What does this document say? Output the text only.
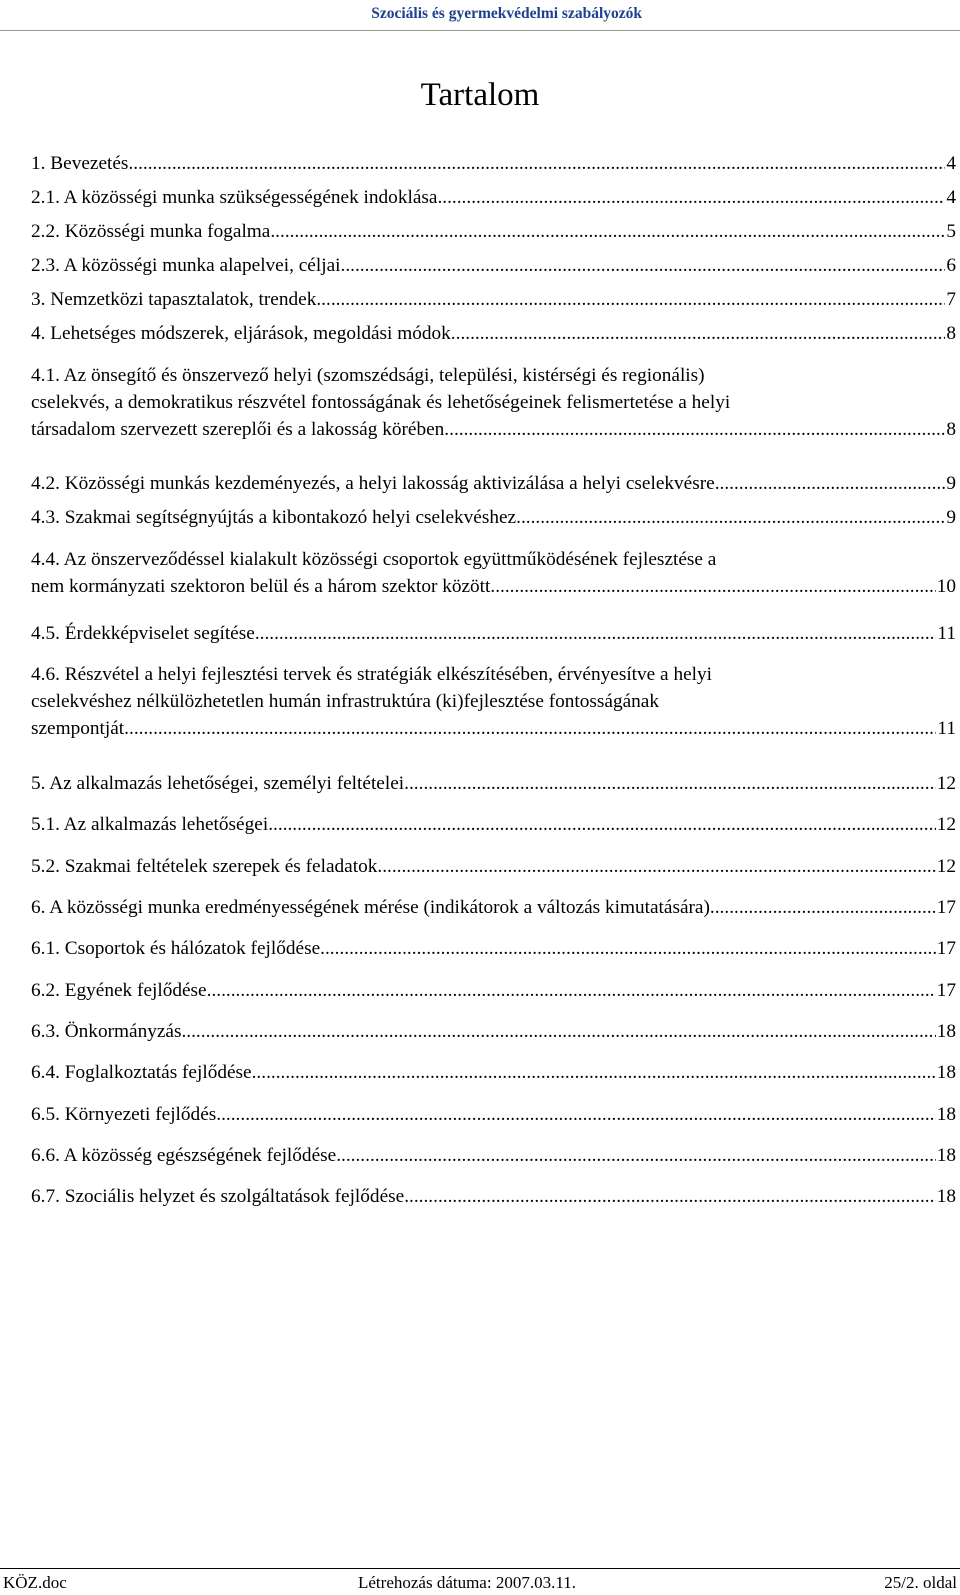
Szociális és gyermekvédelmi szabályozók
Tartalom
1. Bevezetés .....	4
2.1. A közösségi munka szükségességének indoklása .....	4
2.2. Közösségi munka fogalma .....	5
2.3. A közösségi munka alapelvei, céljai .....	6
3. Nemzetközi tapasztalatok, trendek .....	7
4. Lehetséges módszerek, eljárások, megoldási módok .....	8
4.1. Az önsegítő és önszervező helyi (szomszédsági, települési, kistérségi és regionális)
cselekvés, a demokratikus részvétel fontosságának és lehetőségeinek felismertetése a helyi
társadalom szervezett szereplői és a lakosság körében .....	8
4.2. Közösségi munkás kezdeményezés, a helyi lakosság aktivizálása a helyi cselekvésre .....	9
4.3. Szakmai segítségnyújtás a kibontakozó helyi cselekvéshez .....	9
4.4. Az önszerveződéssel kialakult közösségi csoportok együttműködésének fejlesztése a
nem kormányzati szektoron belül és a három szektor között .....	10
4.5. Érdekképviselet segítése .....	11
4.6. Részvétel a helyi fejlesztési tervek és stratégiák elkészítésében, érvényesítve a helyi
cselekvéshez nélkülözhetetlen humán infrastruktúra (ki)fejlesztése fontosságának
szempontját .....	11
5. Az alkalmazás lehetőségei, személyi feltételei .....	12
5.1. Az alkalmazás lehetőségei .....	12
5.2. Szakmai feltételek szerepek és feladatok .....	12
6. A közösségi munka eredményességének mérése (indikátorok a változás kimutatására) .....	17
6.1. Csoportok és hálózatok fejlődése .....	17
6.2. Egyének fejlődése .....	17
6.3. Önkormányzás .....	18
6.4. Foglalkoztatás fejlődése .....	18
6.5. Környezeti fejlődés .....	18
6.6. A közösség egészségének fejlődése .....	18
6.7. Szociális helyzet és szolgáltatások fejlődése .....	18
KÖZ.doc	Létrehozás dátuma: 2007.03.11.	25/2. oldal
